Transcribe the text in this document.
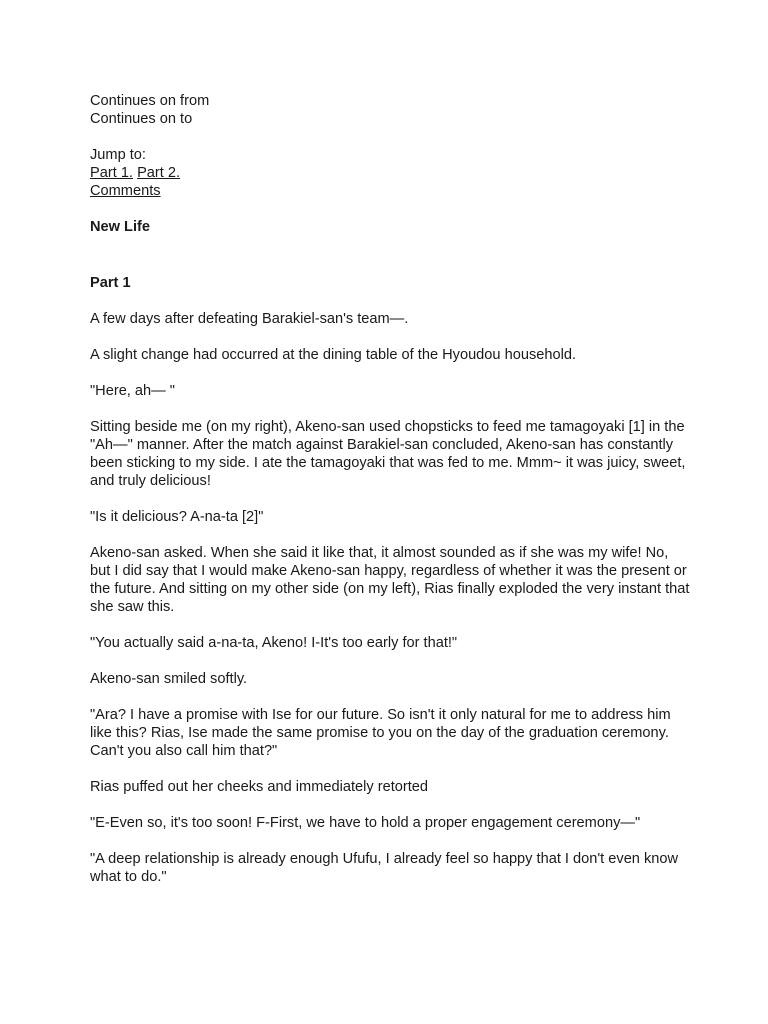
Continues on from

Continues on to

Jump to:

Part 1. Part 2.

Comments

New Life

Part 1

A few days after defeating Barakiel-san's team—.

A slight change had occurred at the dining table of the Hyoudou household.

"Here, ah— "

Sitting beside me (on my right), Akeno-san used chopsticks to feed me tamagoyaki [1] in the "Ah—" manner. After the match against Barakiel-san concluded, Akeno-san has constantly been sticking to my side. I ate the tamagoyaki that was fed to me. Mmm~ it was juicy, sweet, and truly delicious!

"Is it delicious? A-na-ta [2]"

Akeno-san asked. When she said it like that, it almost sounded as if she was my wife! No, but I did say that I would make Akeno-san happy, regardless of whether it was the present or the future. And sitting on my other side (on my left), Rias finally exploded the very instant that she saw this.

"You actually said a-na-ta, Akeno! I-It's too early for that!"

Akeno-san smiled softly.

"Ara? I have a promise with Ise for our future. So isn't it only natural for me to address him like this? Rias, Ise made the same promise to you on the day of the graduation ceremony. Can't you also call him that?"

Rias puffed out her cheeks and immediately retorted

"E-Even so, it's too soon! F-First, we have to hold a proper engagement ceremony—"

"A deep relationship is already enough Ufufu, I already feel so happy that I don't even know what to do."
